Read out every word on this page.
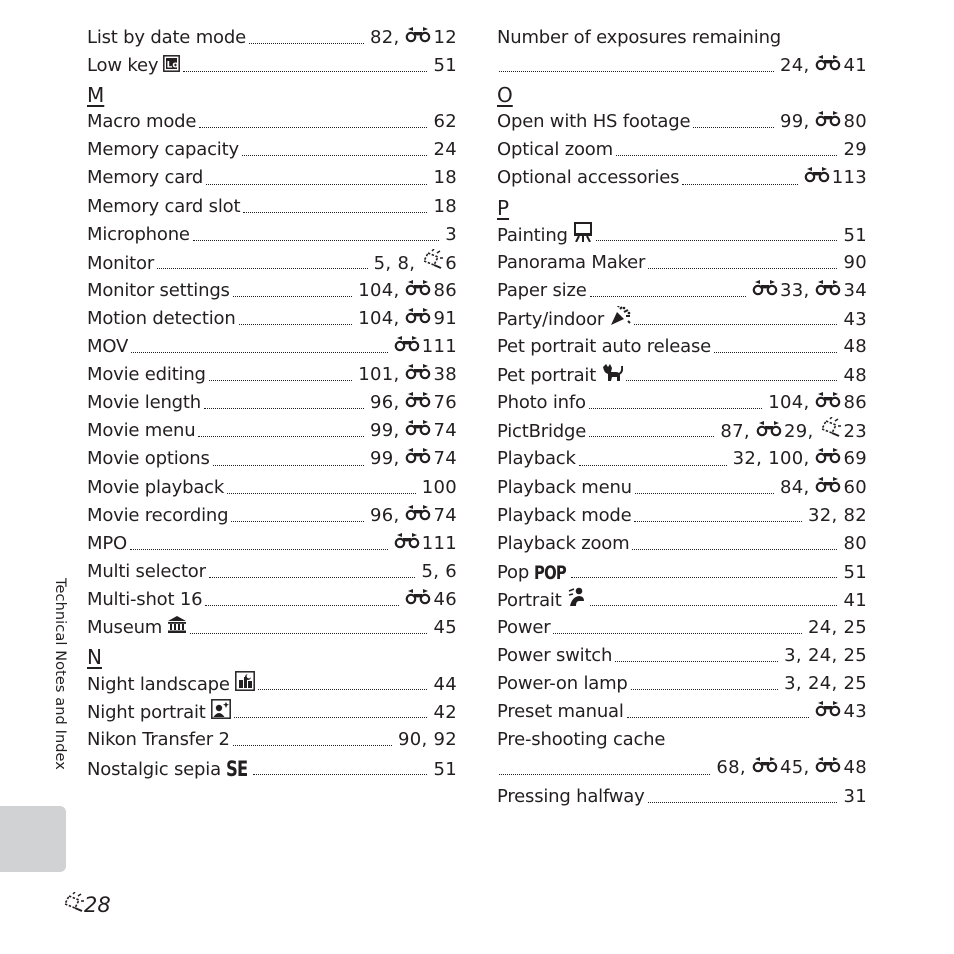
List by date mode	82 , 12
Low key Lo	51
M
Macro mode	62
Memory capacity	24
Memory card	18
Memory card slot	18
Microphone	3
Monitor	5 , 8 , 6
Monitor settings	104 , 86
Motion detection	104 , 91
MOV	111
Movie editing	101 , 38
Movie length	96 , 76
Movie menu	99 , 74
Movie options	99 , 74
Movie playback	100
Movie recording	96 , 74
MPO	111
Multi selector	5 , 6
Multi-shot 16	46
Museum	45
N
Night landscape	44
Night portrait	42
Nikon Transfer 2	90 , 92
Nostalgic sepia SE	51
Number of exposures remaining
24 , 41
O
Open with HS footage	99 , 80
Optical zoom	29
Optional accessories	113
P
Painting	51
Panorama Maker	90
Paper size	33 , 34
Party/indoor	43
Pet portrait auto release	48
Pet portrait	48
Photo info	104 , 86
PictBridge	87 , 29 , 23
Playback	32 , 100 , 69
Playback menu	84 , 60
Playback mode	32 , 82
Playback zoom	80
Pop POP	51
Portrait	41
Power	24 , 25
Power switch	3 , 24 , 25
Power-on lamp	3 , 24 , 25
Preset manual	43
Pre-shooting cache
68 , 45 , 48
Pressing halfway	31
Technical Notes and Index
28
